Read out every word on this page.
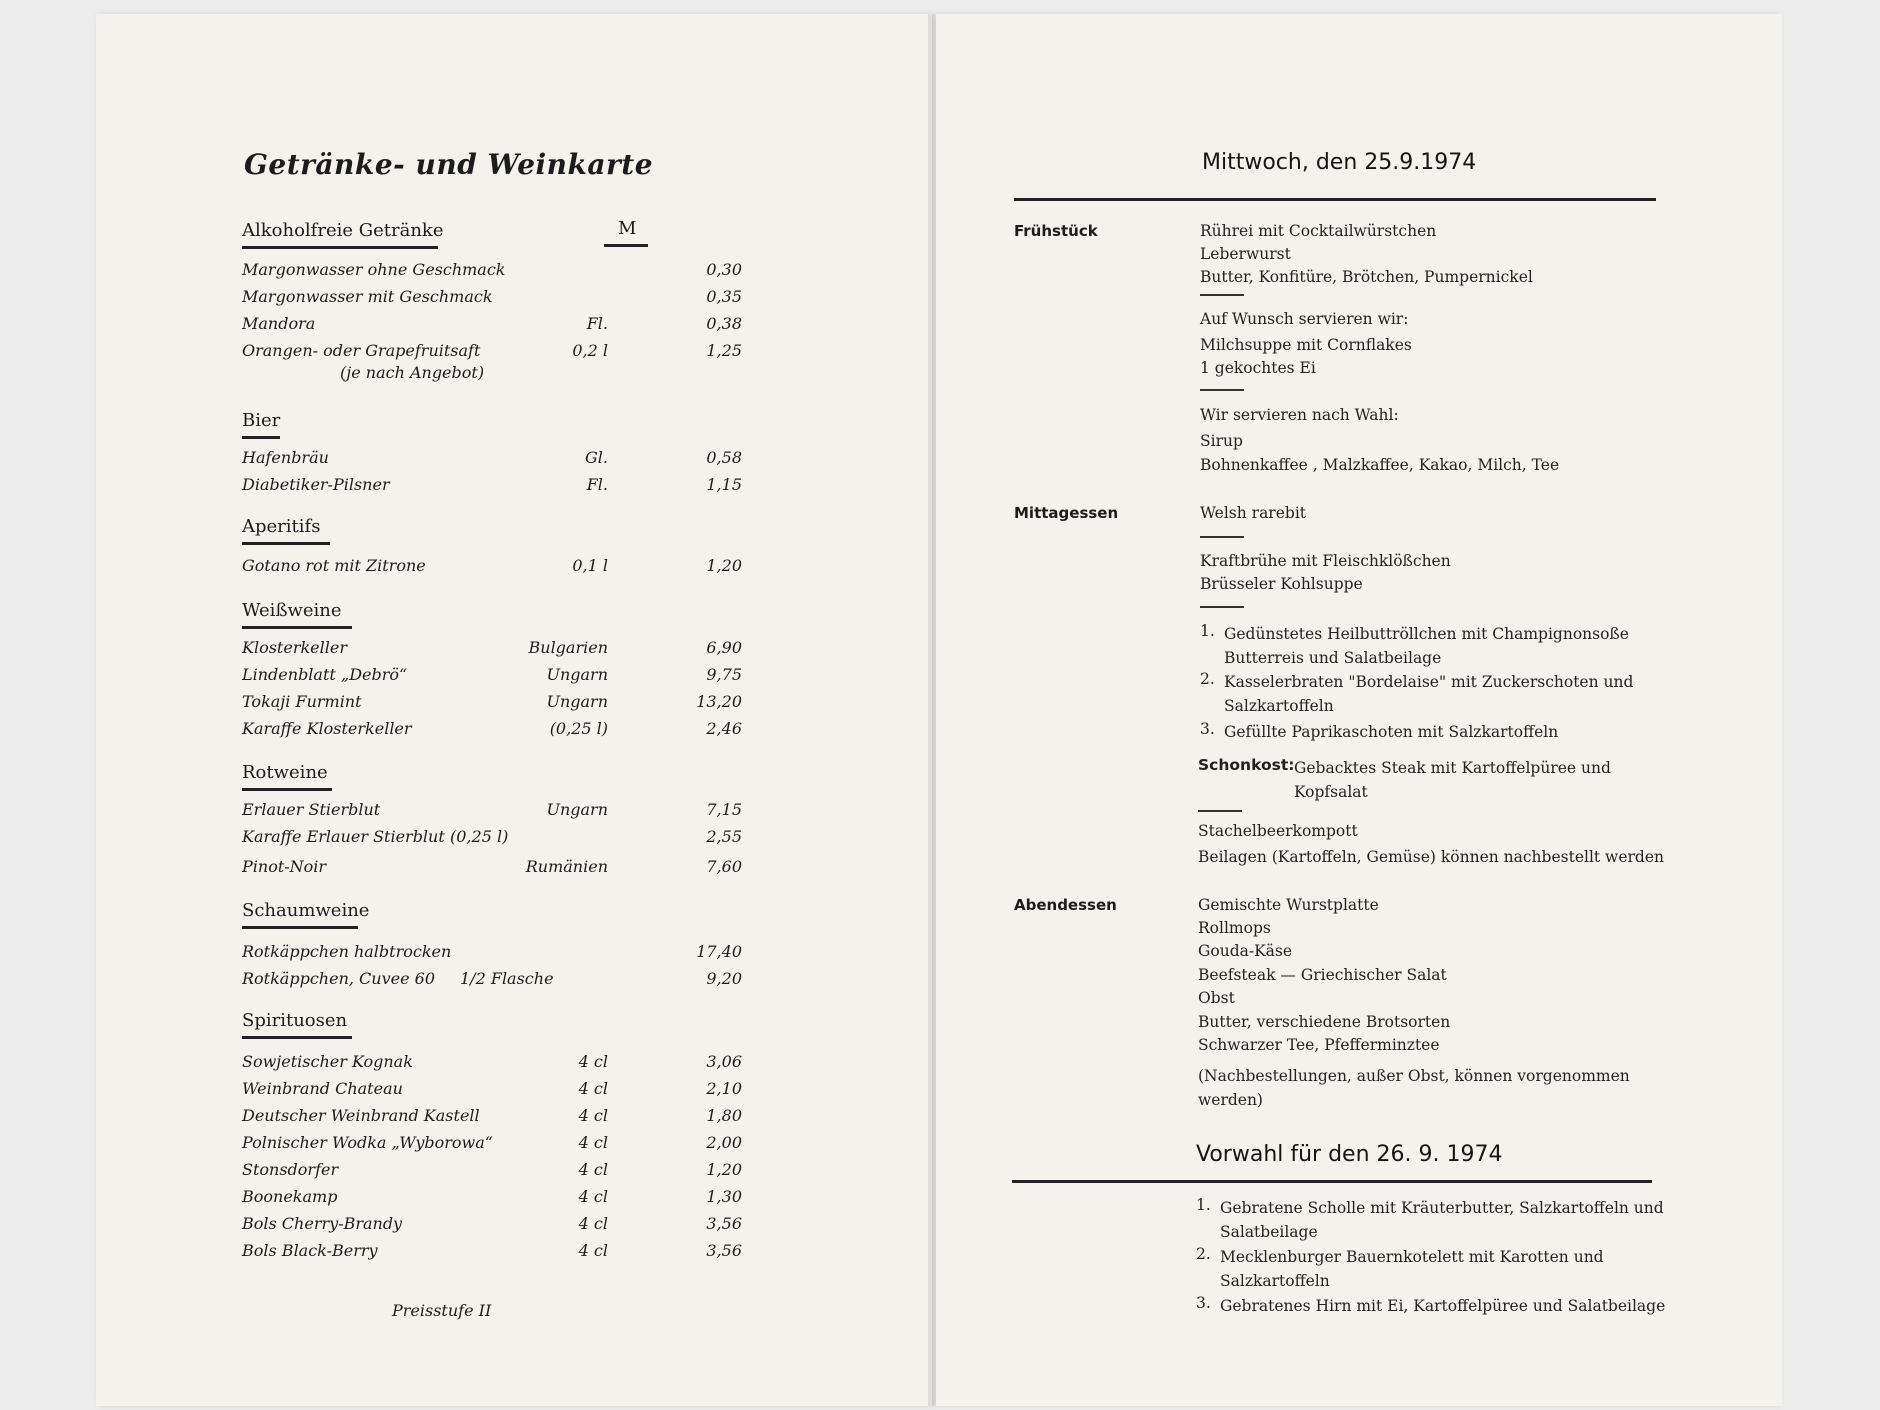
Getränke- und Weinkarte
M
Alkoholfreie Getränke
Margonwasser ohne Geschmack	0,30
Margonwasser mit Geschmack	0,35
Mandora	Fl.	0,38
Orangen- oder Grapefruitsaft	0,2 l	1,25
(je nach Angebot)
Bier
Hafenbräu	Gl.	0,58
Diabetiker-Pilsner	Fl.	1,15
Aperitifs
Gotano rot mit Zitrone	0,1 l	1,20
Weißweine
Klosterkeller	Bulgarien	6,90
Lindenblatt „Debrö“	Ungarn	9,75
Tokaji Furmint	Ungarn	13,20
Karaffe Klosterkeller	(0,25 l)	2,46
Rotweine
Erlauer Stierblut	Ungarn	7,15
Karaffe Erlauer Stierblut (0,25 l)	2,55
Pinot-Noir	Rumänien	7,60
Schaumweine
Rotkäppchen halbtrocken	17,40
Rotkäppchen, Cuvee 60 1/2 Flasche	9,20
Spirituosen
Sowjetischer Kognak	4 cl	3,06
Weinbrand Chateau	4 cl	2,10
Deutscher Weinbrand Kastell	4 cl	1,80
Polnischer Wodka „Wyborowa“	4 cl	2,00
Stonsdorfer	4 cl	1,20
Boonekamp	4 cl	1,30
Bols Cherry-Brandy	4 cl	3,56
Bols Black-Berry	4 cl	3,56
Preisstufe II
Mittwoch, den 25.9.1974
Frühstück	Rührei mit Cocktailwürstchen
Leberwurst
Butter, Konfitüre, Brötchen, Pumpernickel
Auf Wunsch servieren wir:
Milchsuppe mit Cornflakes
1 gekochtes Ei
Wir servieren nach Wahl:
Sirup
Bohnenkaffee , Malzkaffee, Kakao, Milch, Tee
Mittagessen	Welsh rarebit
Kraftbrühe mit Fleischklößchen
Brüsseler Kohlsuppe
1. Gedünstetes Heilbuttröllchen mit Champignonsoße Butterreis und Salatbeilage
2. Kasselerbraten "Bordelaise" mit Zuckerschoten und Salzkartoffeln
3. Gefüllte Paprikaschoten mit Salzkartoffeln
Schonkost: Gebacktes Steak mit Kartoffelpüree und Kopfsalat
Stachelbeerkompott
Beilagen (Kartoffeln, Gemüse) können nachbestellt werden
Abendessen	Gemischte Wurstplatte
Rollmops
Gouda-Käse
Beefsteak — Griechischer Salat
Obst
Butter, verschiedene Brotsorten
Schwarzer Tee, Pfefferminztee
(Nachbestellungen, außer Obst, können vorgenommen werden)
Vorwahl für den 26. 9. 1974
1. Gebratene Scholle mit Kräuterbutter, Salzkartoffeln und Salatbeilage
2. Mecklenburger Bauernkotelett mit Karotten und Salzkartoffeln
3. Gebratenes Hirn mit Ei, Kartoffelpüree und Salatbeilage
